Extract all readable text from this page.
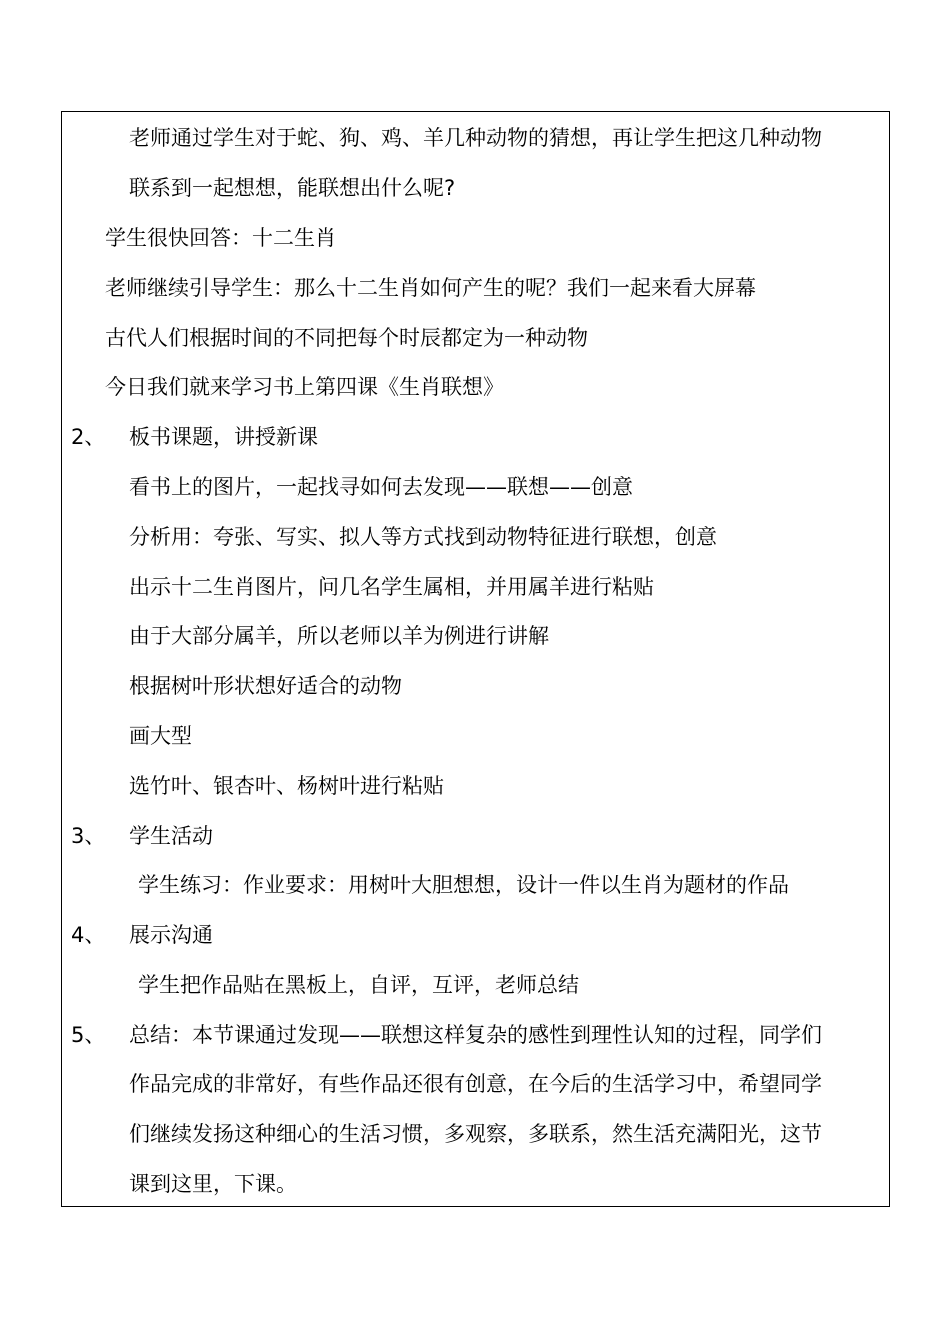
老师通过学生对于蛇、狗、鸡、羊几种动物的猜想，再让学生把这几种动物
联系到一起想想，能联想出什么呢?
学生很快回答：十二生肖
老师继续引导学生：那么十二生肖如何产生的呢？我们一起来看大屏幕
古代人们根据时间的不同把每个时辰都定为一种动物
今日我们就来学习书上第四课《生肖联想》
2、 板书课题，讲授新课
看书上的图片，一起找寻如何去发现——联想——创意
分析用：夸张、写实、拟人等方式找到动物特征进行联想，创意
出示十二生肖图片，问几名学生属相，并用属羊进行粘贴
由于大部分属羊，所以老师以羊为例进行讲解
根据树叶形状想好适合的动物
画大型
选竹叶、银杏叶、杨树叶进行粘贴
3、 学生活动
学生练习：作业要求：用树叶大胆想想，设计一件以生肖为题材的作品
4、 展示沟通
学生把作品贴在黑板上，自评，互评，老师总结
5、 总结：本节课通过发现——联想这样复杂的感性到理性认知的过程，同学们
作品完成的非常好，有些作品还很有创意，在今后的生活学习中，希望同学
们继续发扬这种细心的生活习惯，多观察，多联系，然生活充满阳光，这节
课到这里，下课。
